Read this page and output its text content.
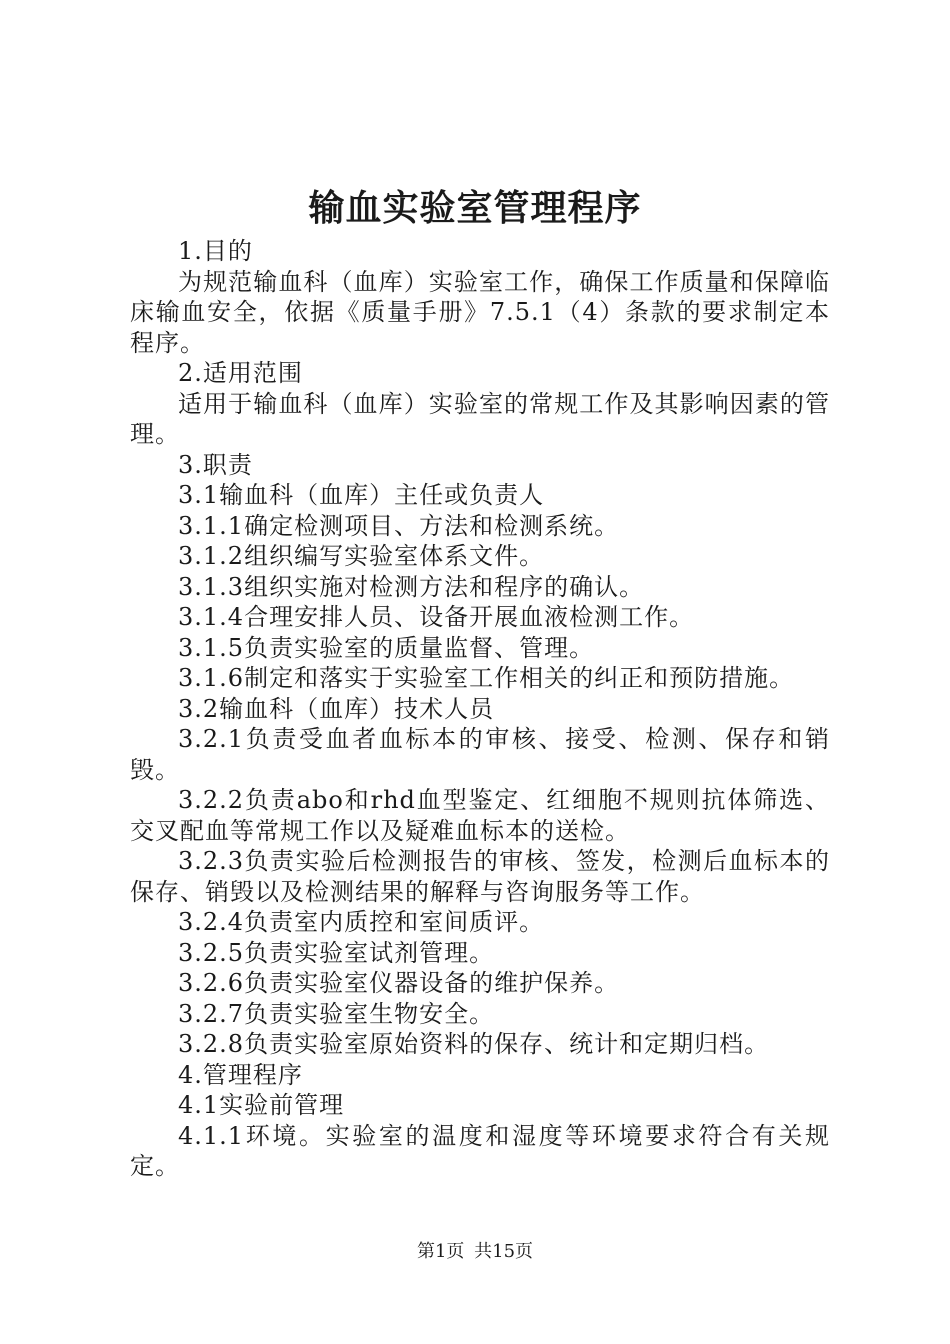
输血实验室管理程序

1.目的

为规范输血科（血库）实验室工作，确保工作质量和保障临床输血安全，依据《质量手册》7.5.1（4）条款的要求制定本程序。

2.适用范围

适用于输血科（血库）实验室的常规工作及其影响因素的管理。

3.职责

3.1输血科（血库）主任或负责人

3.1.1确定检测项目、方法和检测系统。

3.1.2组织编写实验室体系文件。

3.1.3组织实施对检测方法和程序的确认。

3.1.4合理安排人员、设备开展血液检测工作。

3.1.5负责实验室的质量监督、管理。

3.1.6制定和落实于实验室工作相关的纠正和预防措施。

3.2输血科（血库）技术人员

3.2.1负责受血者血标本的审核、接受、检测、保存和销毁。

3.2.2负责abo和rhd血型鉴定、红细胞不规则抗体筛选、交叉配血等常规工作以及疑难血标本的送检。

3.2.3负责实验后检测报告的审核、签发，检测后血标本的保存、销毁以及检测结果的解释与咨询服务等工作。

3.2.4负责室内质控和室间质评。

3.2.5负责实验室试剂管理。

3.2.6负责实验室仪器设备的维护保养。

3.2.7负责实验室生物安全。

3.2.8负责实验室原始资料的保存、统计和定期归档。

4.管理程序

4.1实验前管理

4.1.1环境。实验室的温度和湿度等环境要求符合有关规定。

第1页 共15页
